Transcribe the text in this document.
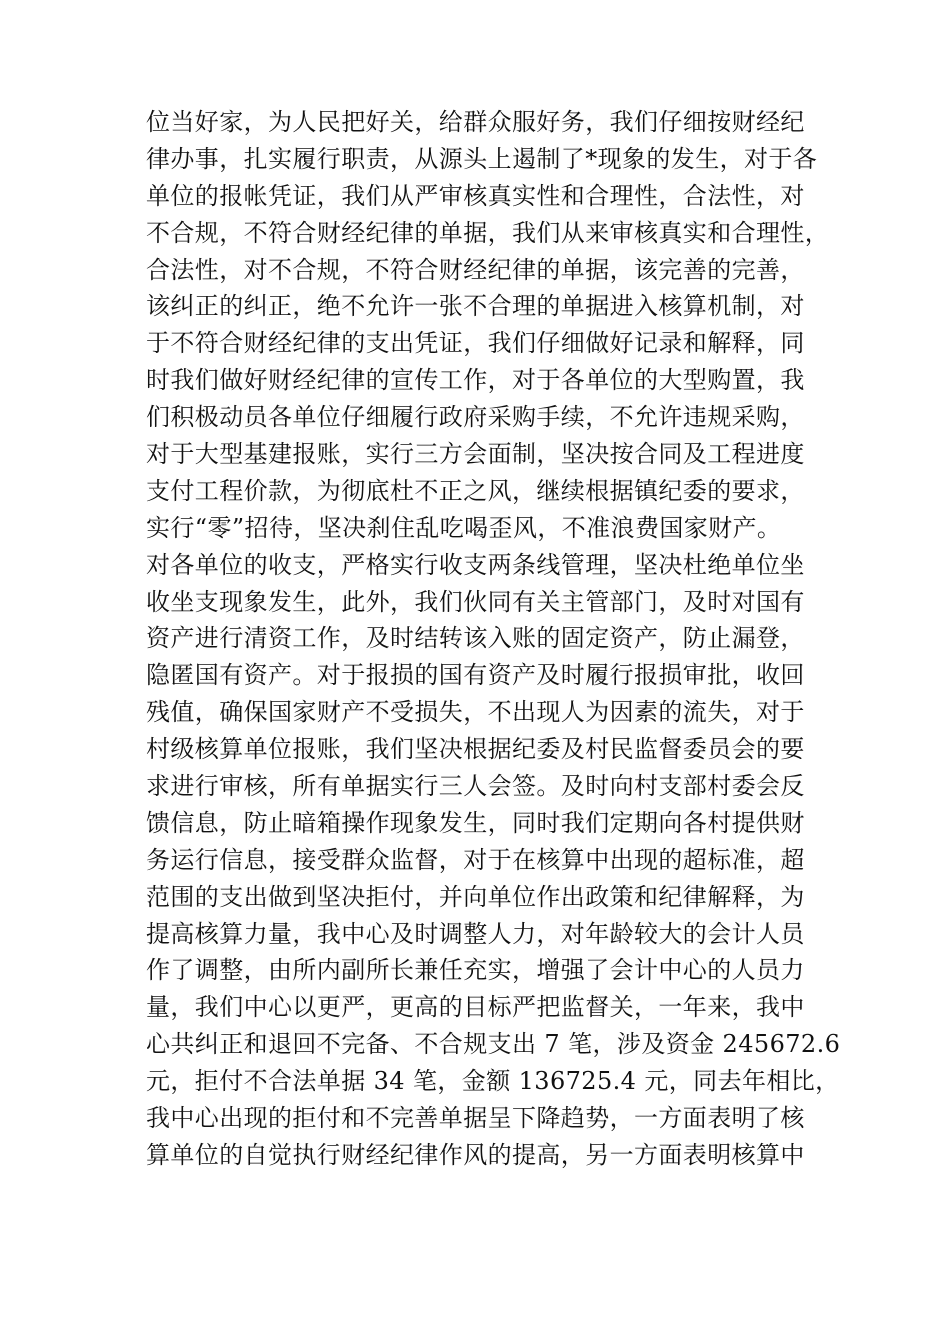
位当好家，为人民把好关，给群众服好务，我们仔细按财经纪
律办事，扎实履行职责，从源头上遏制了*现象的发生，对于各
单位的报帐凭证，我们从严审核真实性和合理性，合法性，对
不合规，不符合财经纪律的单据，我们从来审核真实和合理性，
合法性，对不合规，不符合财经纪律的单据，该完善的完善，
该纠正的纠正，绝不允许一张不合理的单据进入核算机制，对
于不符合财经纪律的支出凭证，我们仔细做好记录和解释，同
时我们做好财经纪律的宣传工作，对于各单位的大型购置，我
们积极动员各单位仔细履行政府采购手续，不允许违规采购，
对于大型基建报账，实行三方会面制，坚决按合同及工程进度
支付工程价款，为彻底杜不正之风，继续根据镇纪委的要求，
实行“零”招待，坚决刹住乱吃喝歪风，不准浪费国家财产。
对各单位的收支，严格实行收支两条线管理，坚决杜绝单位坐
收坐支现象发生，此外，我们伙同有关主管部门，及时对国有
资产进行清资工作，及时结转该入账的固定资产，防止漏登，
隐匿国有资产。对于报损的国有资产及时履行报损审批，收回
残值，确保国家财产不受损失，不出现人为因素的流失，对于
村级核算单位报账，我们坚决根据纪委及村民监督委员会的要
求进行审核，所有单据实行三人会签。及时向村支部村委会反
馈信息，防止暗箱操作现象发生，同时我们定期向各村提供财
务运行信息，接受群众监督，对于在核算中出现的超标准，超
范围的支出做到坚决拒付，并向单位作出政策和纪律解释，为
提高核算力量，我中心及时调整人力，对年龄较大的会计人员
作了调整，由所内副所长兼任充实，增强了会计中心的人员力
量，我们中心以更严，更高的目标严把监督关，一年来，我中
心共纠正和退回不完备、不合规支出 7 笔，涉及资金 245672.6
元，拒付不合法单据 34 笔，金额 136725.4 元，同去年相比，
我中心出现的拒付和不完善单据呈下降趋势，一方面表明了核
算单位的自觉执行财经纪律作风的提高，另一方面表明核算中
